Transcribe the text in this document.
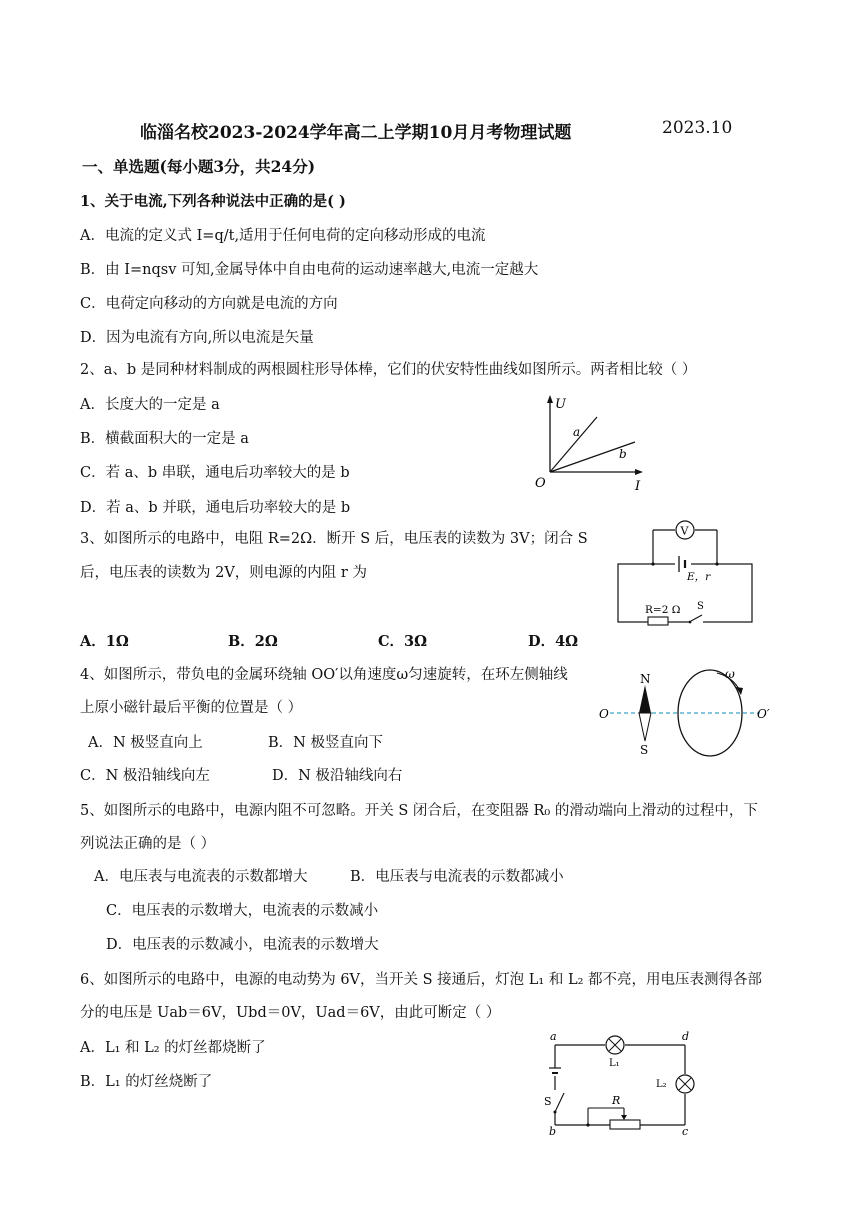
临淄名校2023-2024学年高二上学期10月月考物理试题	2023.10
一、单选题(每小题3分，共24分)
1、关于电流,下列各种说法中正确的是( )
A．电流的定义式 I=q/t,适用于任何电荷的定向移动形成的电流
B．由 I=nqsv 可知,金属导体中自由电荷的运动速率越大,电流一定越大
C．电荷定向移动的方向就是电流的方向
D．因为电流有方向,所以电流是矢量
2、a、b 是同种材料制成的两根圆柱形导体棒，它们的伏安特性曲线如图所示。两者相比较（ ）
A．长度大的一定是 a
B．横截面积大的一定是 a
C．若 a、b 串联，通电后功率较大的是 b
D．若 a、b 并联，通电后功率较大的是 b
U
I
O
a
b
3、如图所示的电路中，电阻 R=2Ω．断开 S 后，电压表的读数为 3V；闭合 S
后，电压表的读数为 2V，则电源的内阻 r 为
A．1Ω	B．2Ω	C．3Ω	D．4Ω
V
E，r
R=2 Ω S
4、如图所示，带负电的金属环绕轴 OO′以角速度ω匀速旋转，在环左侧轴线
上原小磁针最后平衡的位置是（ ）
A．N 极竖直向上	B．N 极竖直向下
C．N 极沿轴线向左	D．N 极沿轴线向右
ω
N
S
O	O′
5、如图所示的电路中，电源内阻不可忽略。开关 S 闭合后，在变阻器 R₀ 的滑动端向上滑动的过程中，下
列说法正确的是（ ）
A．电压表与电流表的示数都增大	B．电压表与电流表的示数都减小
C．电压表的示数增大，电流表的示数减小
D．电压表的示数减小，电流表的示数增大
6、如图所示的电路中，电源的电动势为 6V，当开关 S 接通后，灯泡 L₁ 和 L₂ 都不亮，用电压表测得各部
分的电压是 Uab＝6V，Ubd＝0V，Uad＝6V，由此可断定（ ）
A．L₁ 和 L₂ 的灯丝都烧断了
B．L₁ 的灯丝烧断了
a
b	c
d
L₁
L₂
S	R
